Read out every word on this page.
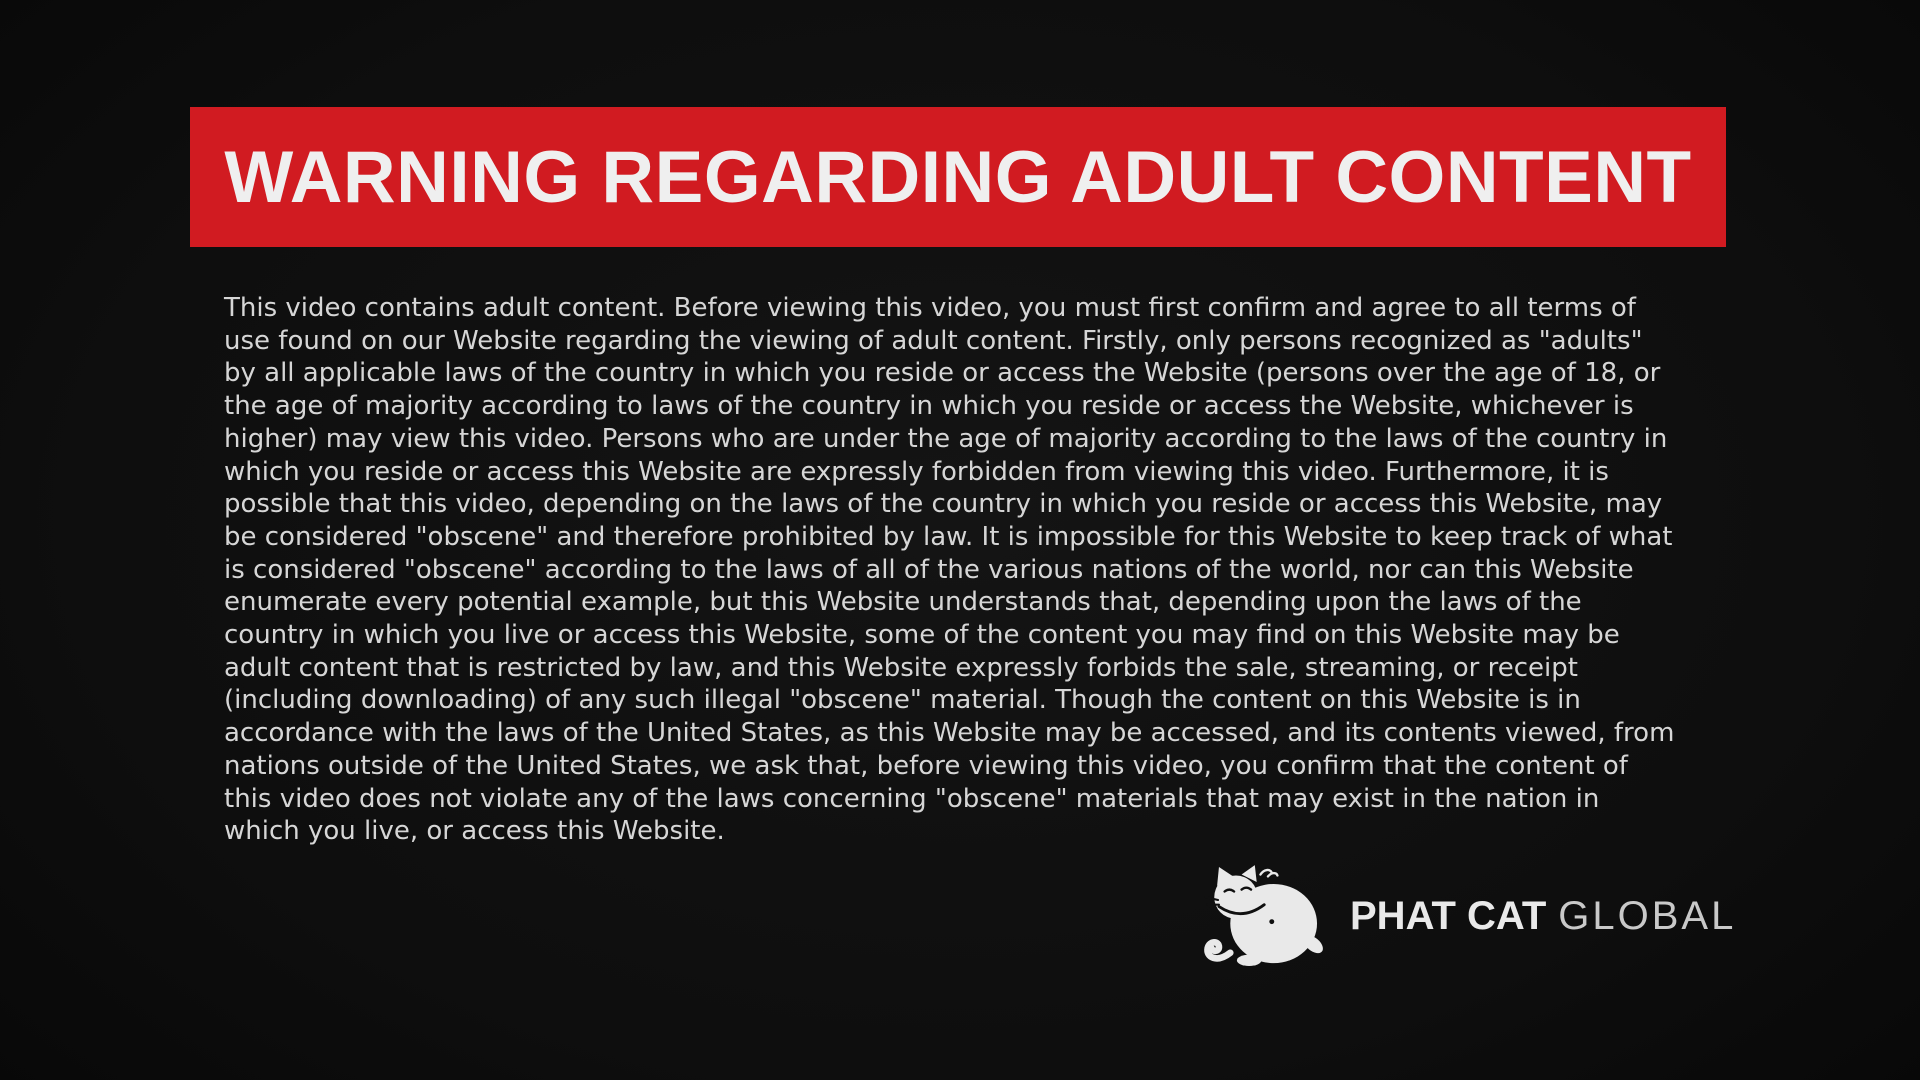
WARNING REGARDING ADULT CONTENT
This video contains adult content. Before viewing this video, you must first confirm and agree to all terms of
use found on our Website regarding the viewing of adult content. Firstly, only persons recognized as "adults"
by all applicable laws of the country in which you reside or access the Website (persons over the age of 18, or
the age of majority according to laws of the country in which you reside or access the Website, whichever is
higher) may view this video. Persons who are under the age of majority according to the laws of the country in
which you reside or access this Website are expressly forbidden from viewing this video. Furthermore, it is
possible that this video, depending on the laws of the country in which you reside or access this Website, may
be considered "obscene" and therefore prohibited by law. It is impossible for this Website to keep track of what
is considered "obscene" according to the laws of all of the various nations of the world, nor can this Website
enumerate every potential example, but this Website understands that, depending upon the laws of the
country in which you live or access this Website, some of the content you may find on this Website may be
adult content that is restricted by law, and this Website expressly forbids the sale, streaming, or receipt
(including downloading) of any such illegal "obscene" material. Though the content on this Website is in
accordance with the laws of the United States, as this Website may be accessed, and its contents viewed, from
nations outside of the United States, we ask that, before viewing this video, you confirm that the content of
this video does not violate any of the laws concerning "obscene" materials that may exist in the nation in
which you live, or access this Website.
PHAT CAT GLOBAL
